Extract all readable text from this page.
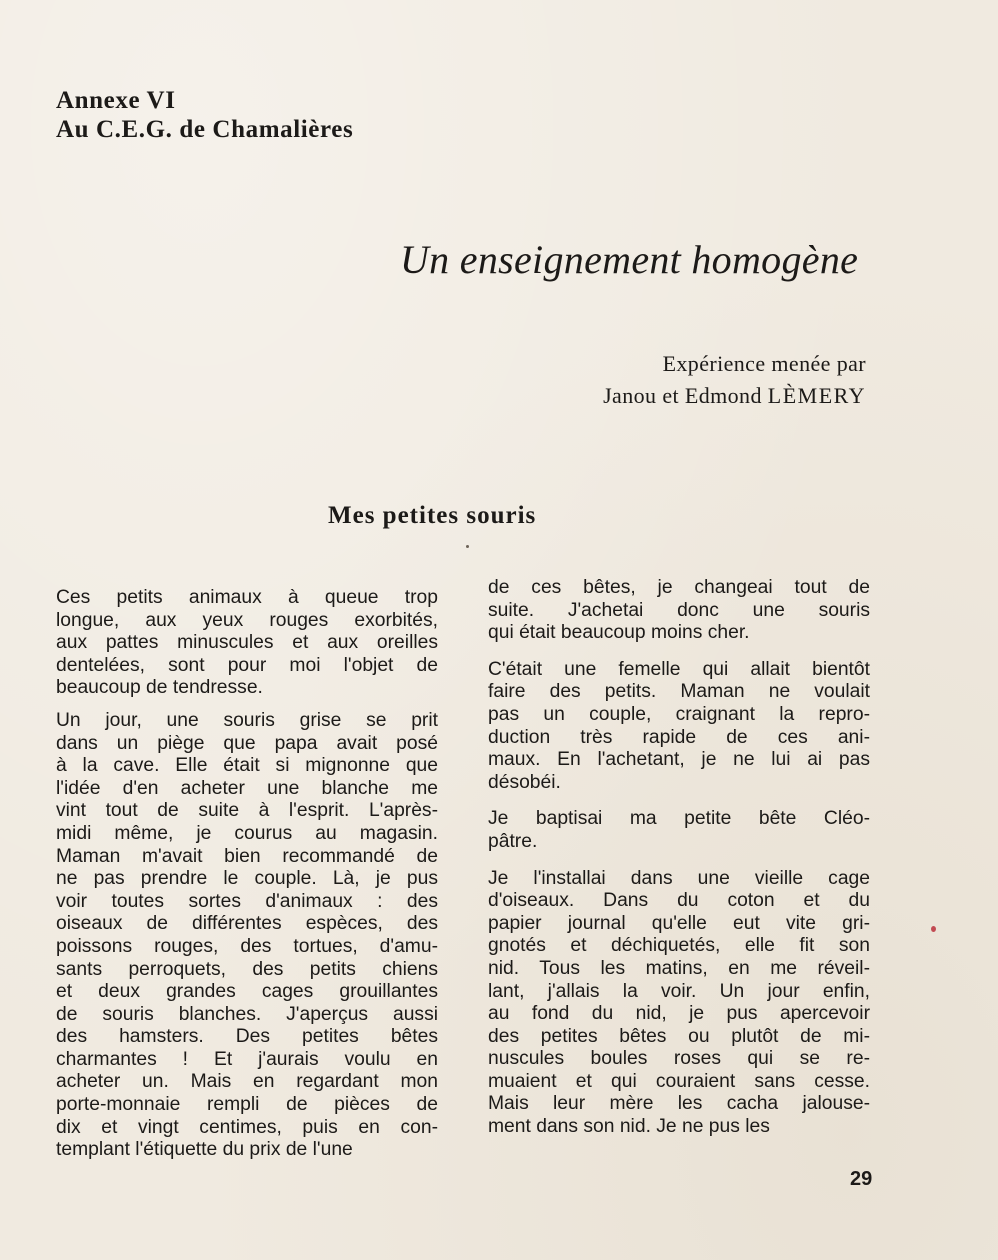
Annexe VI
Au C.E.G. de Chamalières
Un enseignement homogène
Expérience menée par
Janou et Edmond LÈMERY
Mes petites souris

Ces petits animaux à queue trop
longue, aux yeux rouges exorbités,
aux pattes minuscules et aux oreilles
dentelées, sont pour moi l'objet de
beaucoup de tendresse.

Un jour, une souris grise se prit
dans un piège que papa avait posé
à la cave. Elle était si mignonne que
l'idée d'en acheter une blanche me
vint tout de suite à l'esprit. L'après-
midi même, je courus au magasin.
Maman m'avait bien recommandé de
ne pas prendre le couple. Là, je pus
voir toutes sortes d'animaux : des
oiseaux de différentes espèces, des
poissons rouges, des tortues, d'amu-
sants perroquets, des petits chiens
et deux grandes cages grouillantes
de souris blanches. J'aperçus aussi
des hamsters. Des petites bêtes
charmantes ! Et j'aurais voulu en
acheter un. Mais en regardant mon
porte-monnaie rempli de pièces de
dix et vingt centimes, puis en con-
templant l'étiquette du prix de l'une

de ces bêtes, je changeai tout de
suite. J'achetai donc une souris
qui était beaucoup moins cher.

C'était une femelle qui allait bientôt
faire des petits. Maman ne voulait
pas un couple, craignant la repro-
duction très rapide de ces ani-
maux. En l'achetant, je ne lui ai pas
désobéi.

Je baptisai ma petite bête Cléo-
pâtre.

Je l'installai dans une vieille cage
d'oiseaux. Dans du coton et du
papier journal qu'elle eut vite gri-
gnotés et déchiquetés, elle fit son
nid. Tous les matins, en me réveil-
lant, j'allais la voir. Un jour enfin,
au fond du nid, je pus apercevoir
des petites bêtes ou plutôt de mi-
nuscules boules roses qui se re-
muaient et qui couraient sans cesse.
Mais leur mère les cacha jalouse-
ment dans son nid. Je ne pus les

29
